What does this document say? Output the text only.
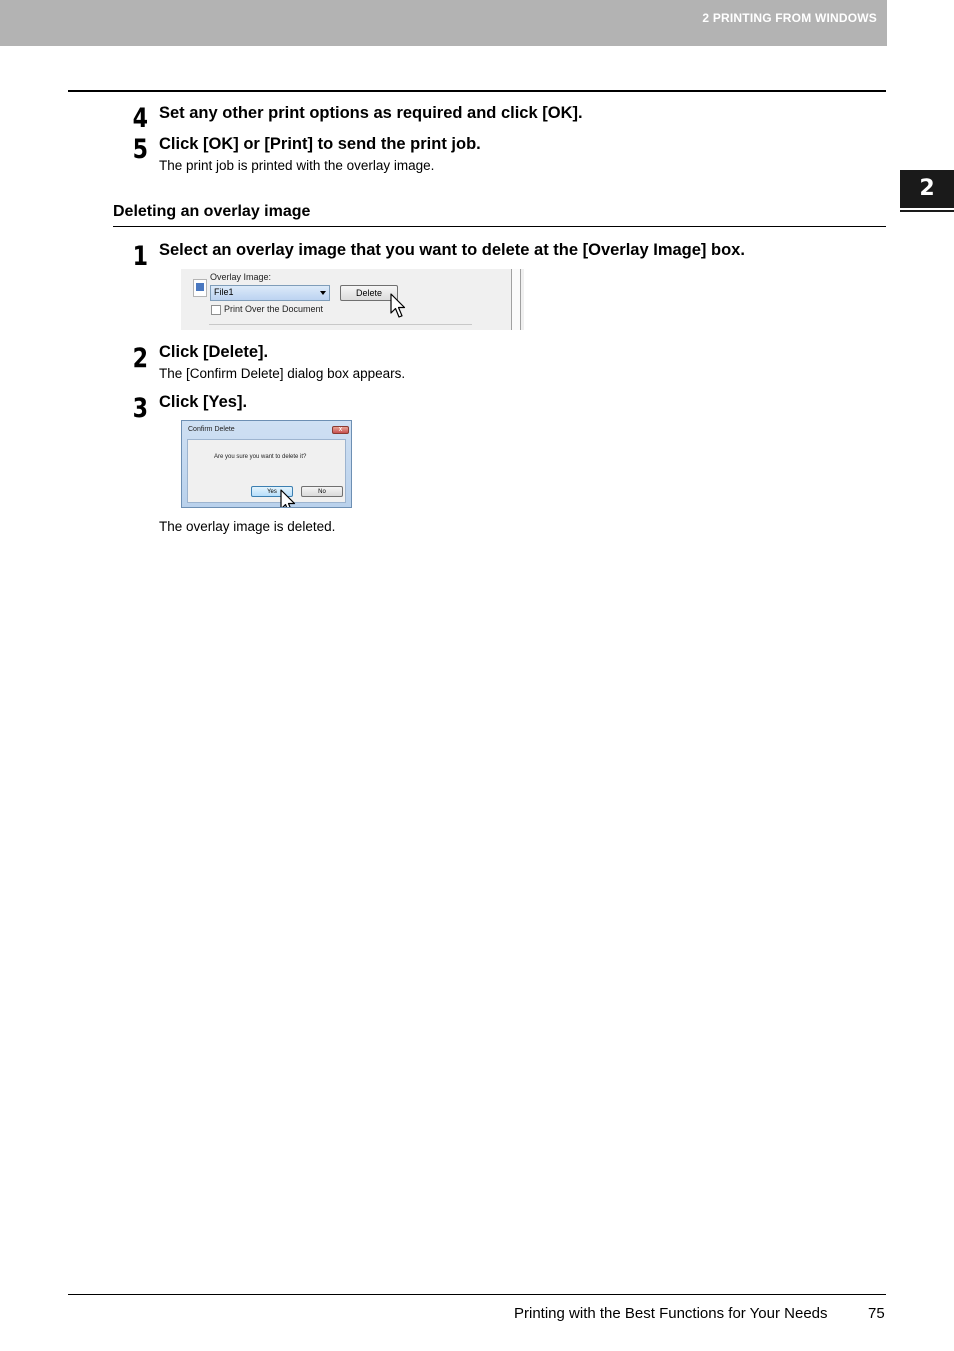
2 PRINTING FROM WINDOWS
2
4 Set any other print options as required and click [OK].
5 Click [OK] or [Print] to send the print job.
The print job is printed with the overlay image.
Deleting an overlay image
1 Select an overlay image that you want to delete at the [Overlay Image] box.
Overlay Image:
File1	Delete
Print Over the Document
2 Click [Delete].
The [Confirm Delete] dialog box appears.
3 Click [Yes].
Confirm Delete	x
Are you sure you want to delete it?
Yes	No
The overlay image is deleted.
Printing with the Best Functions for Your Needs	75
